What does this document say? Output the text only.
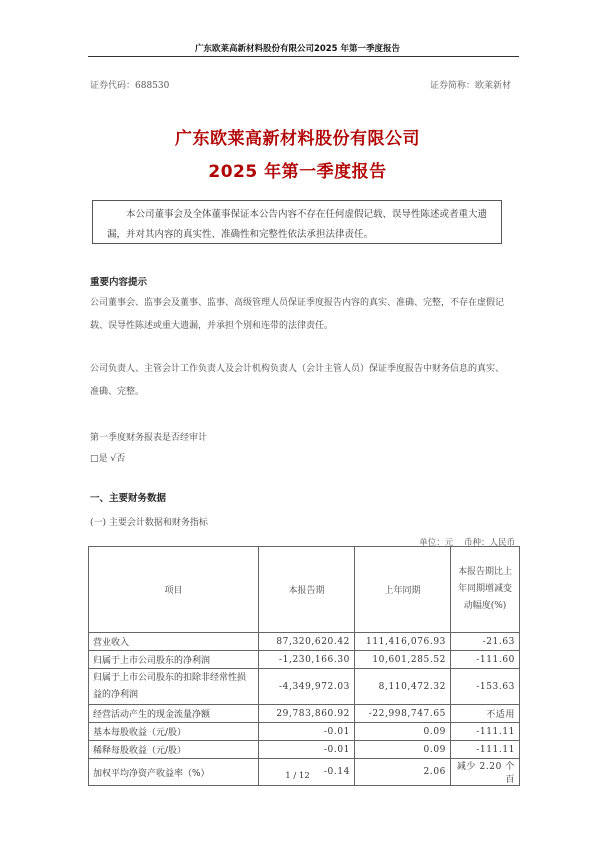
广东欧莱高新材料股份有限公司2025 年第一季度报告
证券代码：688530	证券简称：欧莱新材
广东欧莱高新材料股份有限公司
2025 年第一季度报告
本公司董事会及全体董事保证本公告内容不存在任何虚假记载、误导性陈述或者重大遗漏，并对其内容的真实性、准确性和完整性依法承担法律责任。
重要内容提示
公司董事会、监事会及董事、监事、高级管理人员保证季度报告内容的真实、准确、完整，不存在虚假记载、误导性陈述或重大遗漏，并承担个别和连带的法律责任。
公司负责人、主管会计工作负责人及会计机构负责人（会计主管人员）保证季度报告中财务信息的真实、准确、完整。
第一季度财务报表是否经审计
□是 √否
一、主要财务数据
(一) 主要会计数据和财务指标
单位：元 币种：人民币
项目	本报告期	上年同期	本报告期比上年同期增减变动幅度(%)
营业收入	87,320,620.42	111,416,076.93	-21.63
归属于上市公司股东的净利润	-1,230,166.30	10,601,285.52	-111.60
归属于上市公司股东的扣除非经常性损益的净利润	-4,349,972.03	8,110,472.32	-153.63
经营活动产生的现金流量净额	29,783,860.92	-22,998,747.65	不适用
基本每股收益（元/股）	-0.01	0.09	-111.11
稀释每股收益（元/股）	-0.01	0.09	-111.11
加权平均净资产收益率（%）	-0.14	2.06	减少 2.20 个百
1 / 12
